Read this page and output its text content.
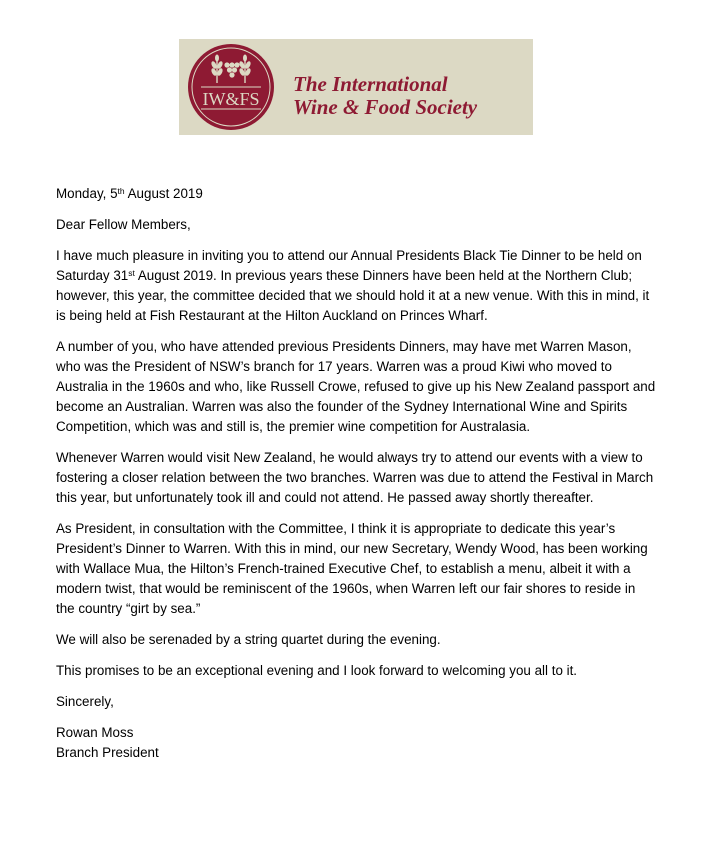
IW&FS
The International
Wine & Food Society

Monday, 5th August 2019

Dear Fellow Members,

I have much pleasure in inviting you to attend our Annual Presidents Black Tie Dinner to be held on Saturday 31st August 2019. In previous years these Dinners have been held at the Northern Club; however, this year, the committee decided that we should hold it at a new venue. With this in mind, it is being held at Fish Restaurant at the Hilton Auckland on Princes Wharf.

A number of you, who have attended previous Presidents Dinners, may have met Warren Mason, who was the President of NSW’s branch for 17 years. Warren was a proud Kiwi who moved to Australia in the 1960s and who, like Russell Crowe, refused to give up his New Zealand passport and become an Australian. Warren was also the founder of the Sydney International Wine and Spirits Competition, which was and still is, the premier wine competition for Australasia.

Whenever Warren would visit New Zealand, he would always try to attend our events with a view to fostering a closer relation between the two branches. Warren was due to attend the Festival in March this year, but unfortunately took ill and could not attend. He passed away shortly thereafter.

As President, in consultation with the Committee, I think it is appropriate to dedicate this year’s President’s Dinner to Warren. With this in mind, our new Secretary, Wendy Wood, has been working with Wallace Mua, the Hilton’s French-trained Executive Chef, to establish a menu, albeit it with a modern twist, that would be reminiscent of the 1960s, when Warren left our fair shores to reside in the country “girt by sea.”

We will also be serenaded by a string quartet during the evening.

This promises to be an exceptional evening and I look forward to welcoming you all to it.

Sincerely,

Rowan Moss
Branch President
